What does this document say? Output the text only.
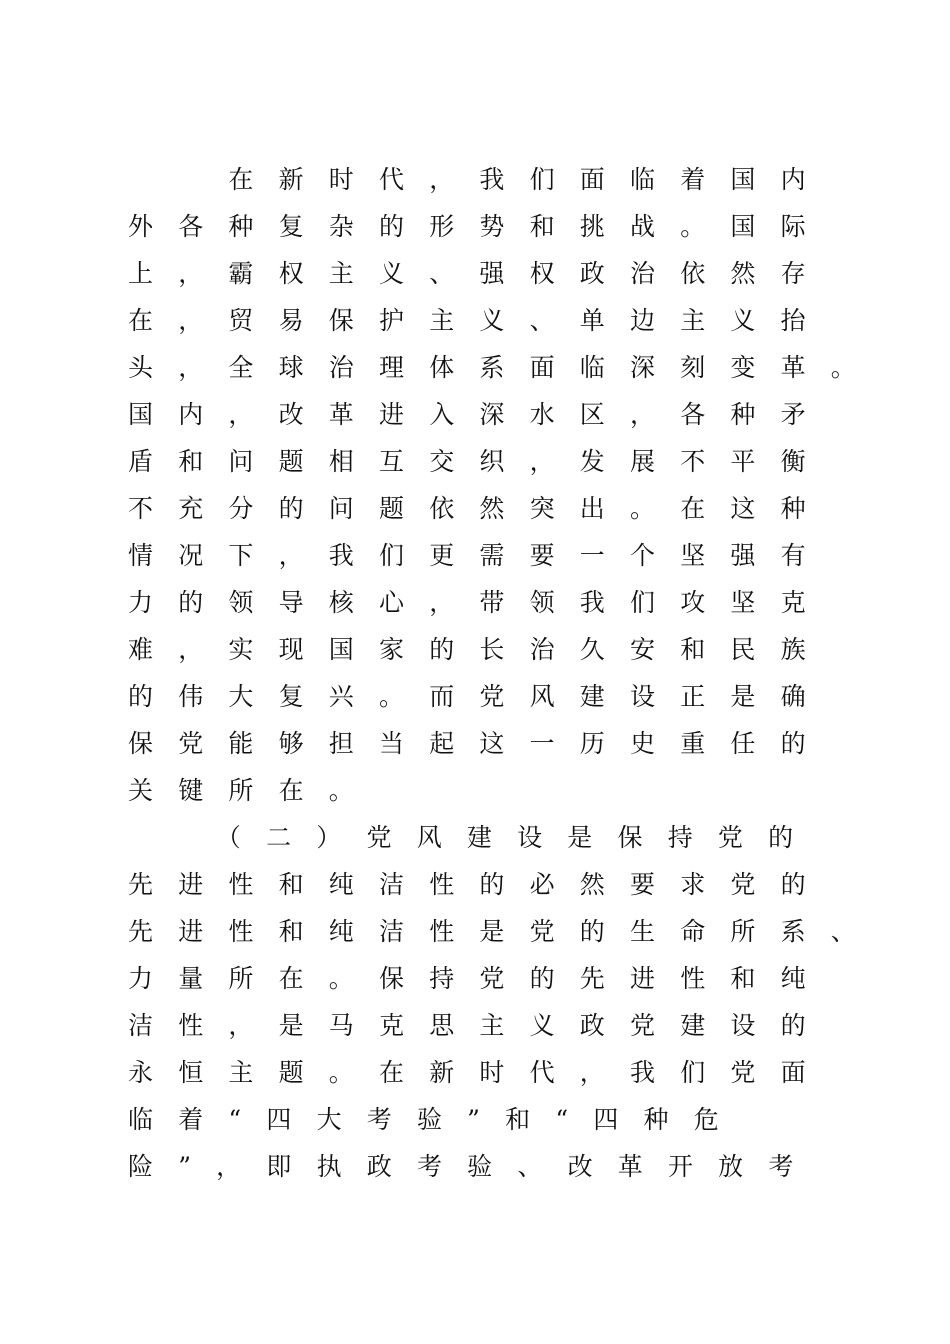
　　在新时代，我们面临着国内
外各种复杂的形势和挑战。国际
上，霸权主义、强权政治依然存
在，贸易保护主义、单边主义抬
头，全球治理体系面临深刻变革。
国内，改革进入深水区，各种矛
盾和问题相互交织，发展不平衡
不充分的问题依然突出。在这种
情况下，我们更需要一个坚强有
力的领导核心，带领我们攻坚克
难，实现国家的长治久安和民族
的伟大复兴。而党风建设正是确
保党能够担当起这一历史重任的
关键所在。
　　（二）党风建设是保持党的
先进性和纯洁性的必然要求党的
先进性和纯洁性是党的生命所系、
力量所在。保持党的先进性和纯
洁性，是马克思主义政党建设的
永恒主题。在新时代，我们党面
临着“四大考验”和“四种危
险”，即执政考验、改革开放考
